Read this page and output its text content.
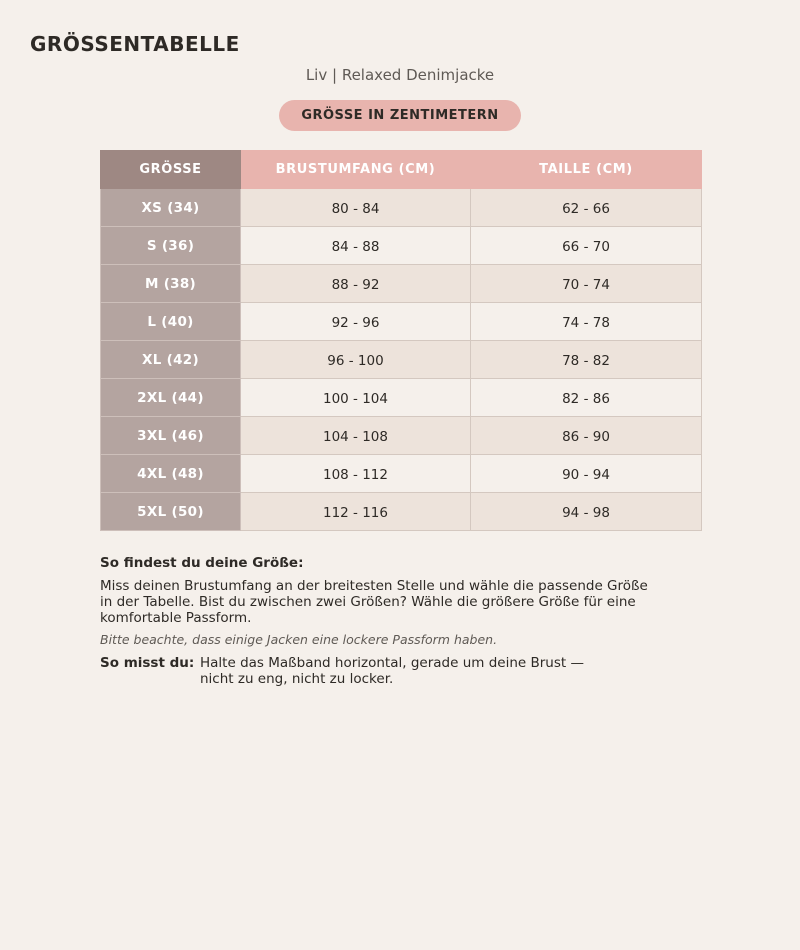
GRÖSSENTABELLE
Liv | Relaxed Denimjacke
GRÖSSE IN ZENTIMETERN
GRÖSSE	BRUSTUMFANG (CM)	TAILLE (CM)
XS (34)	80 - 84	62 - 66
S (36)	84 - 88	66 - 70
M (38)	88 - 92	70 - 74
L (40)	92 - 96	74 - 78
XL (42)	96 - 100	78 - 82
2XL (44)	100 - 104	82 - 86
3XL (46)	104 - 108	86 - 90
4XL (48)	108 - 112	90 - 94
5XL (50)	112 - 116	94 - 98
So findest du deine Größe:

Miss deinen Brustumfang an der breitesten Stelle und wähle die passende Größe in der Tabelle. Bist du zwischen zwei Größen? Wähle die größere Größe für eine komfortable Passform.

Bitte beachte, dass einige Jacken eine lockere Passform haben.

So misst du: Halte das Maßband horizontal, gerade um deine Brust — nicht zu eng, nicht zu locker.
